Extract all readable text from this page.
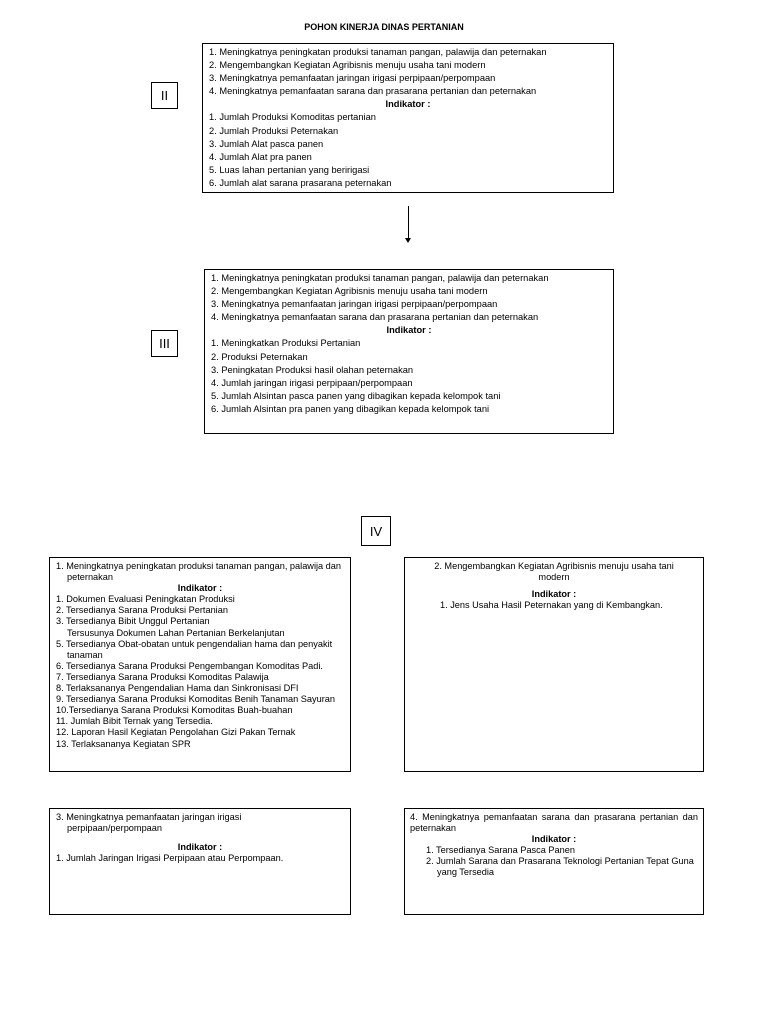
POHON KINERJA DINAS PERTANIAN
II
1. Meningkatnya peningkatan produksi tanaman pangan, palawija dan peternakan
2. Mengembangkan Kegiatan Agribisnis menuju usaha tani modern
3. Meningkatnya pemanfaatan jaringan irigasi perpipaan/perpompaan
4. Meningkatnya pemanfaatan sarana dan prasarana pertanian dan peternakan
Indikator :
1. Jumlah Produksi Komoditas pertanian
2. Jumlah Produksi Peternakan
3. Jumlah Alat pasca panen
4. Jumlah Alat pra panen
5. Luas lahan pertanian yang beririgasi
6. Jumlah alat sarana prasarana peternakan
III
1. Meningkatnya peningkatan produksi tanaman pangan, palawija dan peternakan
2. Mengembangkan Kegiatan Agribisnis menuju usaha tani modern
3. Meningkatnya pemanfaatan jaringan irigasi perpipaan/perpompaan
4. Meningkatnya pemanfaatan sarana dan prasarana pertanian dan peternakan
Indikator :
1. Meningkatkan Produksi Pertanian
2. Produksi Peternakan
3. Peningkatan Produksi hasil olahan peternakan
4. Jumlah jaringan irigasi perpipaan/perpompaan
5. Jumlah Alsintan pasca panen yang dibagikan kepada kelompok tani
6. Jumlah Alsintan pra panen yang dibagikan kepada kelompok tani
IV
1. Meningkatnya peningkatan produksi tanaman pangan, palawija dan peternakan
Indikator :
1. Dokumen Evaluasi Peningkatan Produksi
2. Tersedianya Sarana Produksi Pertanian
3. Tersedianya Bibit Unggul Pertanian
Tersusunya Dokumen Lahan Pertanian Berkelanjutan
5. Tersedianya Obat-obatan untuk pengendalian hama dan penyakit tanaman
6. Tersedianya Sarana Produksi Pengembangan Komoditas Padi.
7. Tersedianya Sarana Produksi Komoditas Palawija
8. Terlaksananya Pengendalian Hama dan Sinkronisasi DFI
9. Tersedianya Sarana Produksi Komoditas Benih Tanaman Sayuran
10.Tersedianya Sarana Produksi Komoditas Buah-buahan
11. Jumlah Bibit Ternak yang Tersedia.
12. Laporan Hasil Kegiatan Pengolahan Gizi Pakan Ternak
13. Terlaksananya Kegiatan SPR
2. Mengembangkan Kegiatan Agribisnis menuju usaha tani modern
Indikator :
1. Jens Usaha Hasil Peternakan yang di Kembangkan.
3. Meningkatnya pemanfaatan jaringan irigasi perpipaan/perpompaan
Indikator :
1. Jumlah Jaringan Irigasi Perpipaan atau Perpompaan.
4. Meningkatnya pemanfaatan sarana dan prasarana pertanian dan peternakan
Indikator :
1. Tersedianya Sarana Pasca Panen
2. Jumlah Sarana dan Prasarana Teknologi Pertanian Tepat Guna yang Tersedia
